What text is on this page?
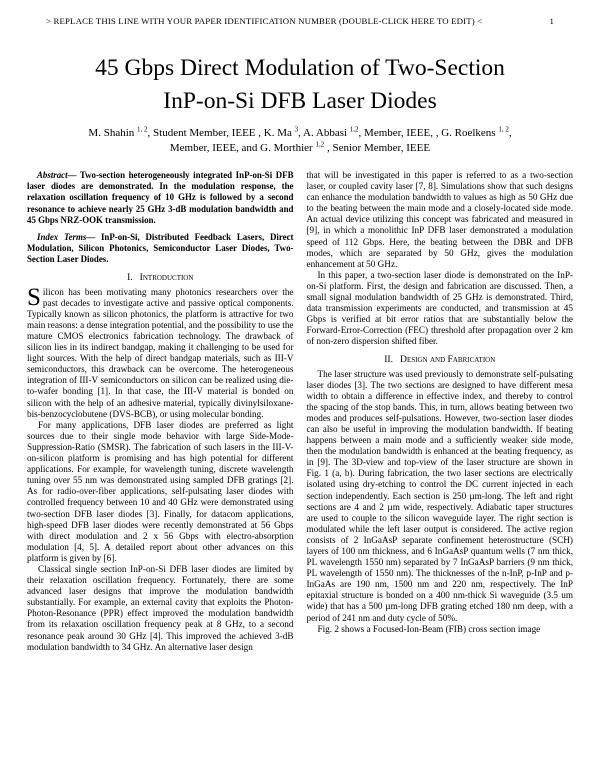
> REPLACE THIS LINE WITH YOUR PAPER IDENTIFICATION NUMBER (DOUBLE-CLICK HERE TO EDIT) <	1
45 Gbps Direct Modulation of Two-Section
InP-on-Si DFB Laser Diodes
M. Shahin $^{1, 2}$, Student Member, IEEE , K. Ma $^3$, A. Abbasi $^{1,2}$, Member, IEEE, , G. Roelkens $^{1, 2}$,
Member, IEEE, and G. Morthier $^{1,2}$ , Senior Member, IEEE

Abstract— Two-section heterogeneously integrated InP-on-Si DFB laser diodes are demonstrated. In the modulation response, the relaxation oscillation frequency of 10 GHz is followed by a second resonance to achieve nearly 25 GHz 3-dB modulation bandwidth and 45 Gbps NRZ-OOK transmission.

Index Terms— InP-on-Si, Distributed Feedback Lasers, Direct Modulation, Silicon Photonics, Semiconductor Laser Diodes, Two-Section Laser Diodes.

I. Introduction

Silicon has been motivating many photonics researchers over the past decades to investigate active and passive optical components. Typically known as silicon photonics, the platform is attractive for two main reasons: a dense integration potential, and the possibility to use the mature CMOS electronics fabrication technology. The drawback of silicon lies in its indirect bandgap, making it challenging to be used for light sources. With the help of direct bandgap materials, such as III-V semiconductors, this drawback can be overcome. The heterogeneous integration of III-V semiconductors on silicon can be realized using die-to-wafer bonding [1]. In that case, the III-V material is bonded on silicon with the help of an adhesive material, typically divinylsiloxane-bis-benzocyclobutene (DVS-BCB), or using molecular bonding.

For many applications, DFB laser diodes are preferred as light sources due to their single mode behavior with large Side-Mode-Suppression-Ratio (SMSR). The fabrication of such lasers in the III-V-on-silicon platform is promising and has high potential for different applications. For example, for wavelength tuning, discrete wavelength tuning over 55 nm was demonstrated using sampled DFB gratings [2]. As for radio-over-fiber applications, self-pulsating laser diodes with controlled frequency between 10 and 40 GHz were demonstrated using two-section DFB laser diodes [3]. Finally, for datacom applications, high-speed DFB laser diodes were recently demonstrated at 56 Gbps with direct modulation and 2 x 56 Gbps with electro-absorption modulation [4, 5]. A detailed report about other advances on this platform is given by [6].

Classical single section InP-on-Si DFB laser diodes are limited by their relaxation oscillation frequency. Fortunately, there are some advanced laser designs that improve the modulation bandwidth substantially. For example, an external cavity that exploits the Photon-Photon-Resonance (PPR) effect improved the modulation bandwidth from its relaxation oscillation frequency peak at 8 GHz, to a second resonance peak around 30 GHz [4]. This improved the achieved 3-dB modulation bandwidth to 34 GHz. An alternative laser design

that will be investigated in this paper is referred to as a two-section laser, or coupled cavity laser [7, 8]. Simulations show that such designs can enhance the modulation bandwidth to values as high as 50 GHz due to the beating between the main mode and a closely-located side mode. An actual device utilizing this concept was fabricated and measured in [9], in which a monolithic InP DFB laser demonstrated a modulation speed of 112 Gbps. Here, the beating between the DBR and DFB modes, which are separated by 50 GHz, gives the modulation enhancement at 50 GHz.

In this paper, a two-section laser diode is demonstrated on the InP-on-Si platform. First, the design and fabrication are discussed. Then, a small signal modulation bandwidth of 25 GHz is demonstrated. Third, data transmission experiments are conducted, and transmission at 45 Gbps is verified at bit error ratios that are substantially below the Forward-Error-Correction (FEC) threshold after propagation over 2 km of non-zero dispersion shifted fiber.

II. Design and Fabrication

The laser structure was used previously to demonstrate self-pulsating laser diodes [3]. The two sections are designed to have different mesa width to obtain a difference in effective index, and thereby to control the spacing of the stop bands. This, in turn, allows beating between two modes and produces self-pulsations. However, two-section laser diodes can also be useful in improving the modulation bandwidth. If beating happens between a main mode and a sufficiently weaker side mode, then the modulation bandwidth is enhanced at the beating frequency, as in [9]. The 3D-view and top-view of the laser structure are shown in Fig. 1 (a, b). During fabrication, the two laser sections are electrically isolated using dry-etching to control the DC current injected in each section independently. Each section is 250 µm-long. The left and right sections are 4 and 2 µm wide, respectively. Adiabatic taper structures are used to couple to the silicon waveguide layer. The right section is modulated while the left laser output is considered. The active region consists of 2 InGaAsP separate confinement heterostructure (SCH) layers of 100 nm thickness, and 6 InGaAsP quantum wells (7 nm thick, PL wavelength 1550 nm) separated by 7 InGaAsP barriers (9 nm thick, PL wavelength of 1550 nm). The thicknesses of the n-InP, p-InP and p-InGaAs are 190 nm, 1500 nm and 220 nm, respectively. The InP epitaxial structure is bonded on a 400 nm-thick Si waveguide (3.5 um wide) that has a 500 µm-long DFB grating etched 180 nm deep, with a period of 241 nm and duty cycle of 50%.

Fig. 2 shows a Focused-Ion-Beam (FIB) cross section image
